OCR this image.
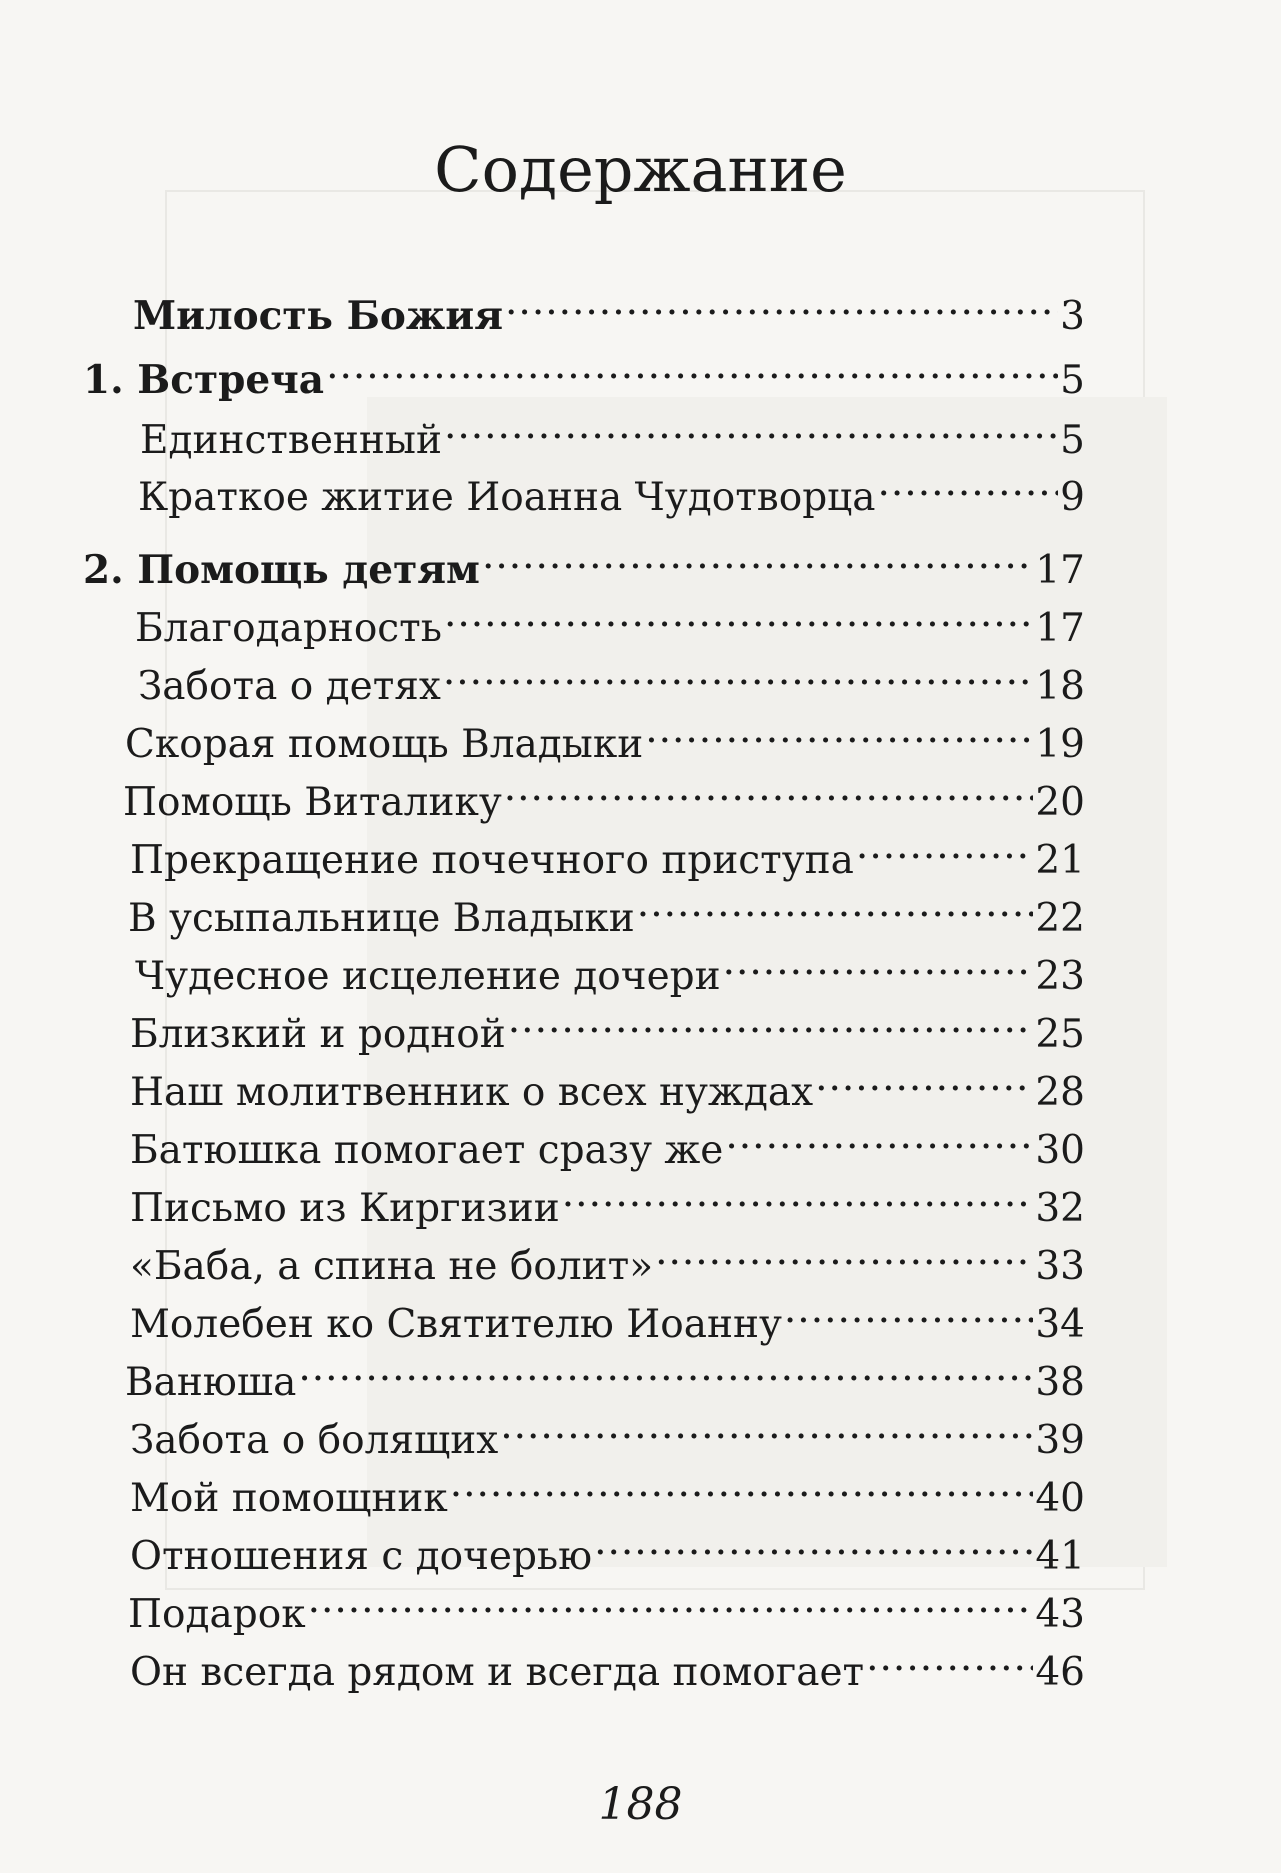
Содержание
Милость Божия .....	3
1. Встреча .....	5
Единственный .....	5
Краткое житие Иоанна Чудотворца .....	9
2. Помощь детям .....	17
Благодарность .....	17
Забота о детях .....	18
Скорая помощь Владыки .....	19
Помощь Виталику .....	20
Прекращение почечного приступа .....	21
В усыпальнице Владыки .....	22
Чудесное исцеление дочери .....	23
Близкий и родной .....	25
Наш молитвенник о всех нуждах .....	28
Батюшка помогает сразу же .....	30
Письмо из Киргизии .....	32
«Баба, а спина не болит» .....	33
Молебен ко Святителю Иоанну .....	34
Ванюша .....	38
Забота о болящих .....	39
Мой помощник .....	40
Отношения с дочерью .....	41
Подарок .....	43
Он всегда рядом и всегда помогает .....	46
188
